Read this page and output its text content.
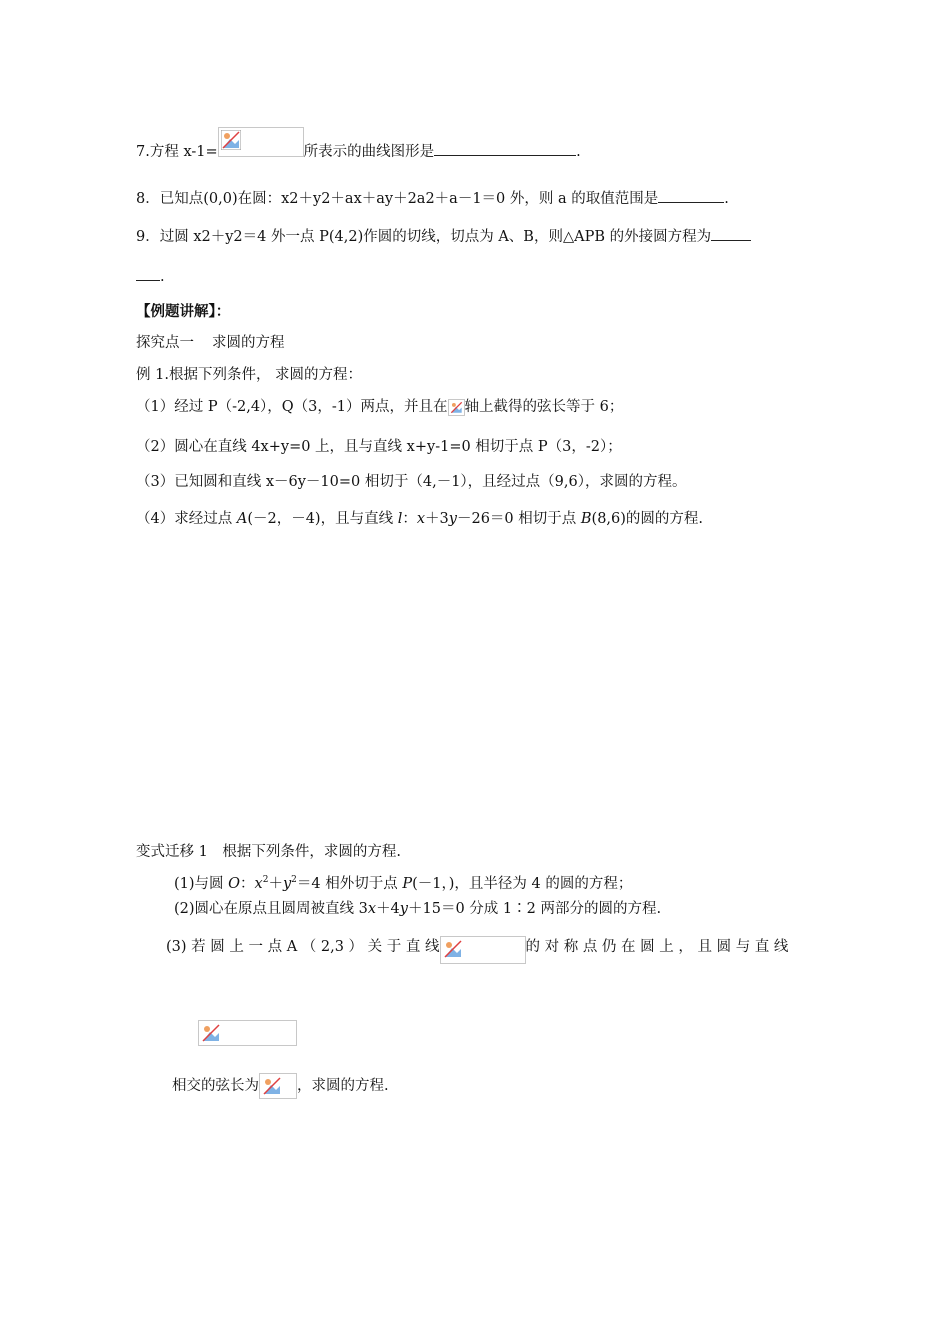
7.方程 x-1=	所表示的曲线图形是	.
8．已知点(0,0)在圆：x2＋y2＋ax＋ay＋2a2＋a－1＝0 外，则 a 的取值范围是	.
9．过圆 x2＋y2＝4 外一点 P(4,2)作圆的切线，切点为 A、B，则△APB 的外接圆方程为
.
【例题讲解】：
探究点一 求圆的方程
例 1.根据下列条件， 求圆的方程：
（1）经过 P（-2,4），Q（3，-1）两点，并且在 轴上截得的弦长等于 6；
（2）圆心在直线 4x+y=0 上，且与直线 x+y-1=0 相切于点 P（3，-2）；
（3）已知圆和直线 x－6y－10=0 相切于（4,－1），且经过点（9,6），求圆的方程。
（4）求经过点 A(－2，－4)，且与直线 l：x＋3y－26＝0 相切于点 B(8,6)的圆的方程.
变式迁移 1　根据下列条件，求圆的方程.
(1)与圆 O：$x^2+y^2=4$ 相外切于点 P(－1，)，且半径为 4 的圆的方程；
(2)圆心在原点且圆周被直线 3x＋4y＋15＝0 分成 1∶2 两部分的圆的方程.
(3) 若 圆 上 一 点 A （ 2,3 ） 关 于 直 线	的 对 称 点 仍 在 圆 上 ， 且 圆 与 直 线
相交的弦长为	，求圆的方程.
